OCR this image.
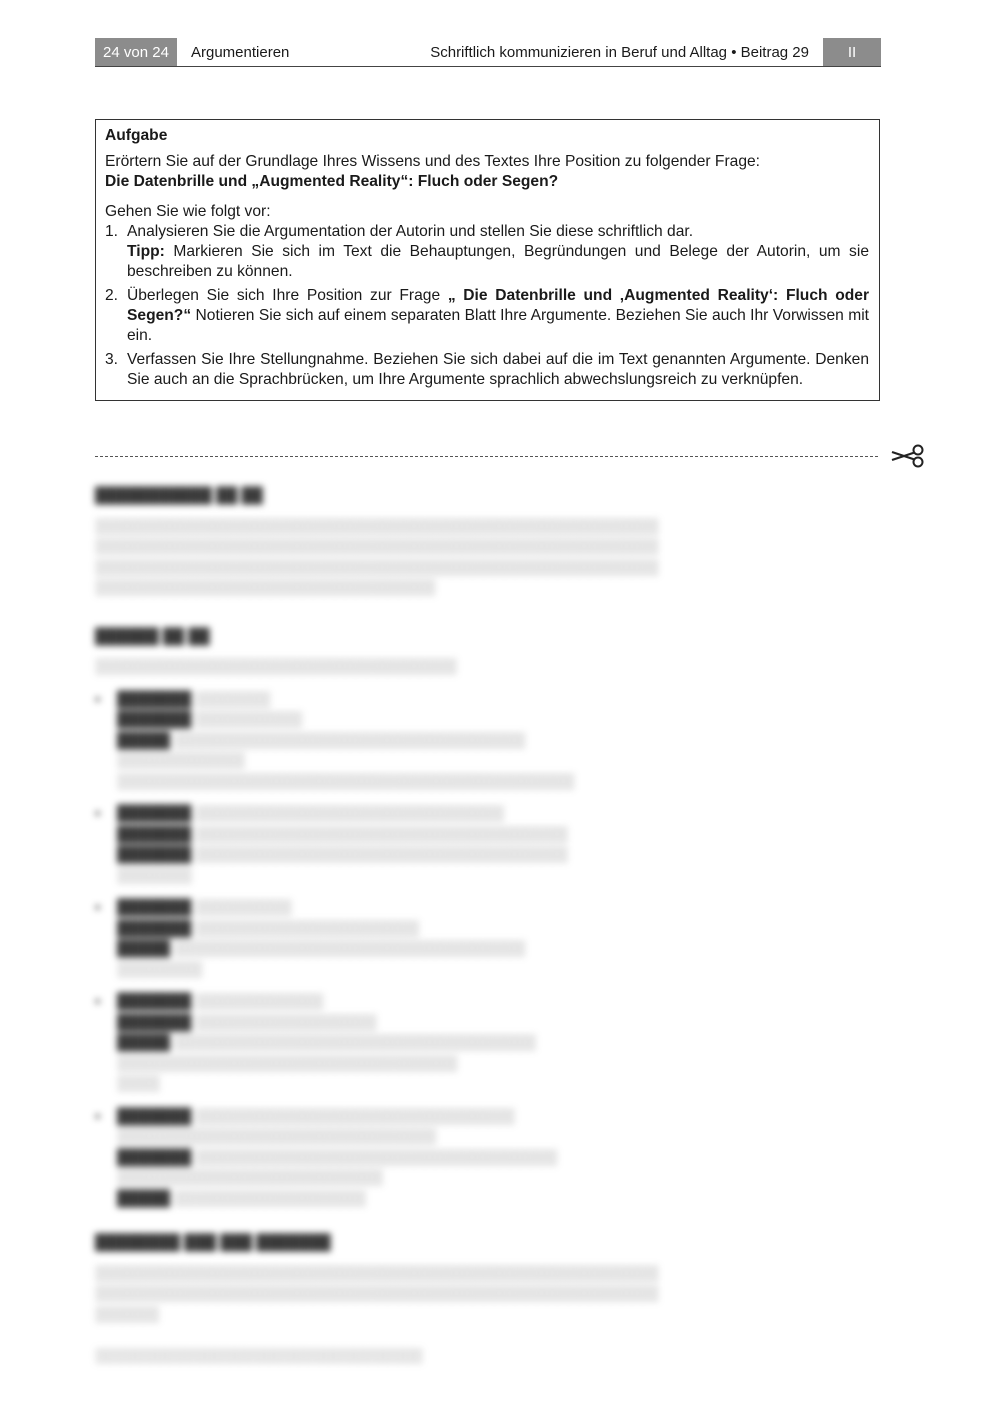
24 von 24	Argumentieren	Schriftlich kommunizieren in Beruf und Alltag • Beitrag 29	II

Aufgabe

Erörtern Sie auf der Grundlage Ihres Wissens und des Textes Ihre Position zu folgender Frage:

Die Datenbrille und „Augmented Reality“: Fluch oder Segen?

Gehen Sie wie folgt vor:

1. Analysieren Sie die Argumentation der Autorin und stellen Sie diese schriftlich dar.
Tipp: Markieren Sie sich im Text die Behauptungen, Begründungen und Belege der Autorin, um sie beschreiben zu können.
2. Überlegen Sie sich Ihre Position zur Frage „ Die Datenbrille und ‚Augmented Reality‘: Fluch oder Segen?“ Notieren Sie sich auf einem separaten Blatt Ihre Argumente. Beziehen Sie auch Ihr Vorwissen mit ein.
3. Verfassen Sie Ihre Stellungnahme. Beziehen Sie sich dabei auf die im Text genannten Argumente. Denken Sie auch an die Sprachbrücken, um Ihre Argumente sprachlich abwechslungsreich zu verknüpfen.
███████████ ██ ██

░░░░░░░░░░░░░░░░░░░░░░░░░░░░░░░░░░░░░░░░░░░░░░░░░░░░░

░░░░░░░░░░░░░░░░░░░░░░░░░░░░░░░░░░░░░░░░░░░░░░░░░░░░░

░░░░░░░░░░░░░░░░░░░░░░░░░░░░░░░░░░░░░░░░░░░░░░░░░░░░░

░░░░░░░░░░░░░░░░░░░░░░░░░░░░░░░░

██████ ██ ██

░░░░░░░░░░░░░░░░░░░░░░░░░░░░░░░░░░

▪	███████ ░░░░░░░
███████ ░░░░░░░░░░
█████ ░░░░░░░░░░░░░░░░░░░░░░░░░░░░░░░░░
░░░░░░░░░░░░
░░░░░░░░░░░░░░░░░░░░░░░░░░░░░░░░░░░░░░░░░░░
▪	███████ ░░░░░░░░░░░░░░░░░░░░░░░░░░░░░
███████ ░░░░░░░░░░░░░░░░░░░░░░░░░░░░░░░░░░░
███████ ░░░░░░░░░░░░░░░░░░░░░░░░░░░░░░░░░░░
░░░░░░░
▪	███████ ░░░░░░░░░
███████ ░░░░░░░░░░░░░░░░░░░░░
█████ ░░░░░░░░░░░░░░░░░░░░░░░░░░░░░░░░░
░░░░░░░░
▪	███████ ░░░░░░░░░░░░
███████ ░░░░░░░░░░░░░░░░░
█████ ░░░░░░░░░░░░░░░░░░░░░░░░░░░░░░░░░░
░░░░░░░░░░░░░░░░░░░░░░░░░░░░░░░░
░░░░
▪	███████ ░░░░░░░░░░░░░░░░░░░░░░░░░░░░░░
░░░░░░░░░░░░░░░░░░░░░░░░░░░░░░
███████ ░░░░░░░░░░░░░░░░░░░░░░░░░░░░░░░░░░
░░░░░░░░░░░░░░░░░░░░░░░░░
█████ ░░░░░░░░░░░░░░░░░░
████████ ███ ███ ███████

░░░░░░░░░░░░░░░░░░░░░░░░░░░░░░░░░░░░░░░░░░░░░░░░░░░░░

░░░░░░░░░░░░░░░░░░░░░░░░░░░░░░░░░░░░░░░░░░░░░░░░░░░░░

░░░░░░

░░░░░░░░░░░░░░░░░░░░░░░░░░░░░░░░░
